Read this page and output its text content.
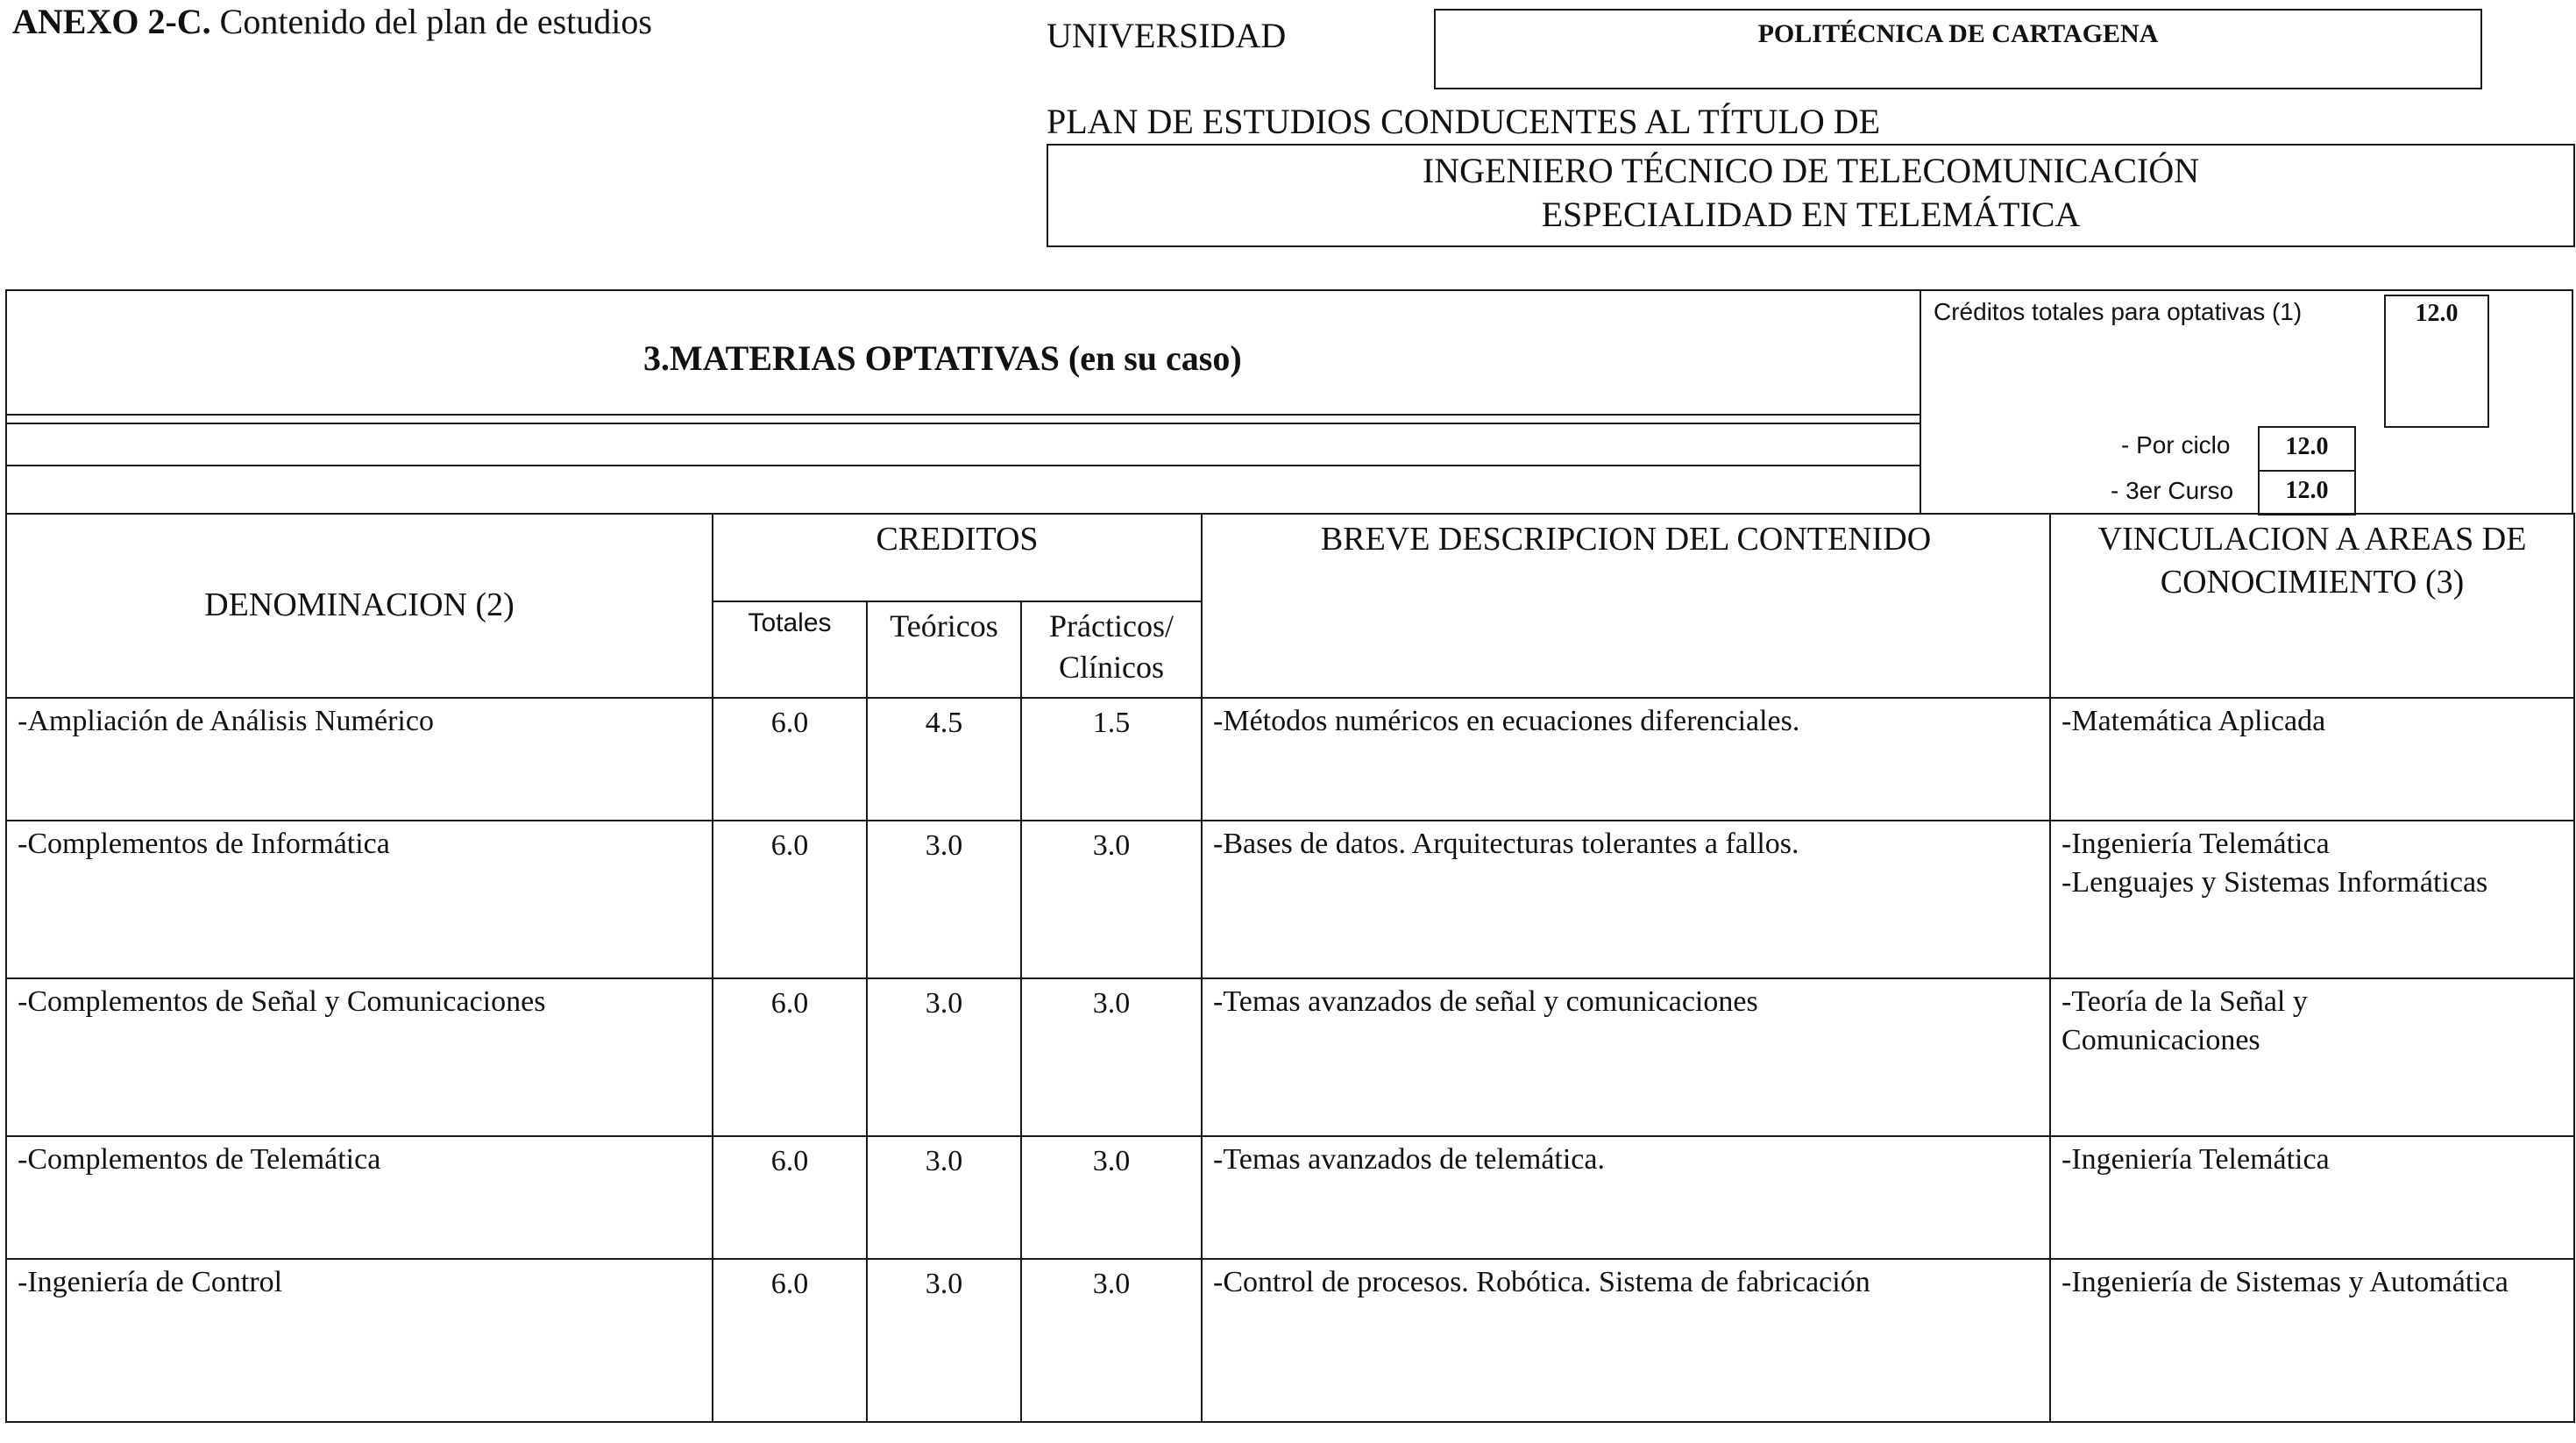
ANEXO 2-C. Contenido del plan de estudios	UNIVERSIDAD	POLITÉCNICA DE CARTAGENA
PLAN DE ESTUDIOS CONDUCENTES AL TÍTULO DE
INGENIERO TÉCNICO DE TELECOMUNICACIÓN
ESPECIALIDAD EN TELEMÁTICA
3.MATERIAS OPTATIVAS (en su caso)
Créditos totales para optativas (1)	12.0
- Por ciclo	12.0
- 3er Curso	12.0
DENOMINACION (2)	CREDITOS			BREVE DESCRIPCION DEL CONTENIDO	VINCULACION A AREAS DE
CONOCIMIENTO (3)

	Totales	Teóricos	Prácticos/
Clínicos		

-Ampliación de Análisis Numérico	6.0	4.5	1.5	-Métodos numéricos en ecuaciones diferenciales.	-Matemática Aplicada

-Complementos de Informática	6.0	3.0	3.0	-Bases de datos. Arquitecturas tolerantes a fallos.	-Ingeniería Telemática
-Lenguajes y Sistemas Informáticas

-Complementos de Señal y Comunicaciones	6.0	3.0	3.0	-Temas avanzados de señal y comunicaciones	-Teoría de la Señal y
Comunicaciones

-Complementos de Telemática	6.0	3.0	3.0	-Temas avanzados de telemática.	-Ingeniería Telemática

-Ingeniería de Control	6.0	3.0	3.0	-Control de procesos. Robótica. Sistema de fabricación	-Ingeniería de Sistemas y Automática
